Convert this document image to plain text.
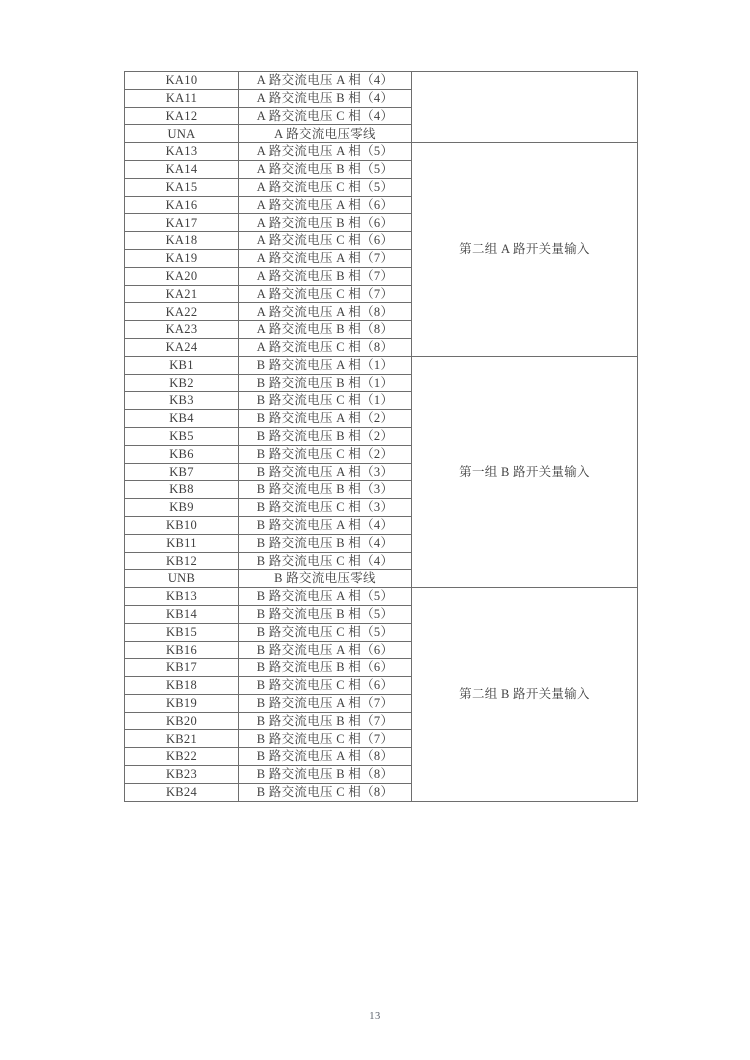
KA10	A 路交流电压 A 相（4）	
KA11	A 路交流电压 B 相（4）	
KA12	A 路交流电压 C 相（4）	
UNA	A 路交流电压零线	
KA13	A 路交流电压 A 相（5）	第二组 A 路开关量输入
KA14	A 路交流电压 B 相（5）	
KA15	A 路交流电压 C 相（5）	
KA16	A 路交流电压 A 相（6）	
KA17	A 路交流电压 B 相（6）	
KA18	A 路交流电压 C 相（6）	
KA19	A 路交流电压 A 相（7）	
KA20	A 路交流电压 B 相（7）	
KA21	A 路交流电压 C 相（7）	
KA22	A 路交流电压 A 相（8）	
KA23	A 路交流电压 B 相（8）	
KA24	A 路交流电压 C 相（8）	
KB1	B 路交流电压 A 相（1）	第一组 B 路开关量输入
KB2	B 路交流电压 B 相（1）	
KB3	B 路交流电压 C 相（1）	
KB4	B 路交流电压 A 相（2）	
KB5	B 路交流电压 B 相（2）	
KB6	B 路交流电压 C 相（2）	
KB7	B 路交流电压 A 相（3）	
KB8	B 路交流电压 B 相（3）	
KB9	B 路交流电压 C 相（3）	
KB10	B 路交流电压 A 相（4）	
KB11	B 路交流电压 B 相（4）	
KB12	B 路交流电压 C 相（4）	
UNB	B 路交流电压零线	
KB13	B 路交流电压 A 相（5）	第二组 B 路开关量输入
KB14	B 路交流电压 B 相（5）	
KB15	B 路交流电压 C 相（5）	
KB16	B 路交流电压 A 相（6）	
KB17	B 路交流电压 B 相（6）	
KB18	B 路交流电压 C 相（6）	
KB19	B 路交流电压 A 相（7）	
KB20	B 路交流电压 B 相（7）	
KB21	B 路交流电压 C 相（7）	
KB22	B 路交流电压 A 相（8）	
KB23	B 路交流电压 B 相（8）	
KB24	B 路交流电压 C 相（8）	
13
